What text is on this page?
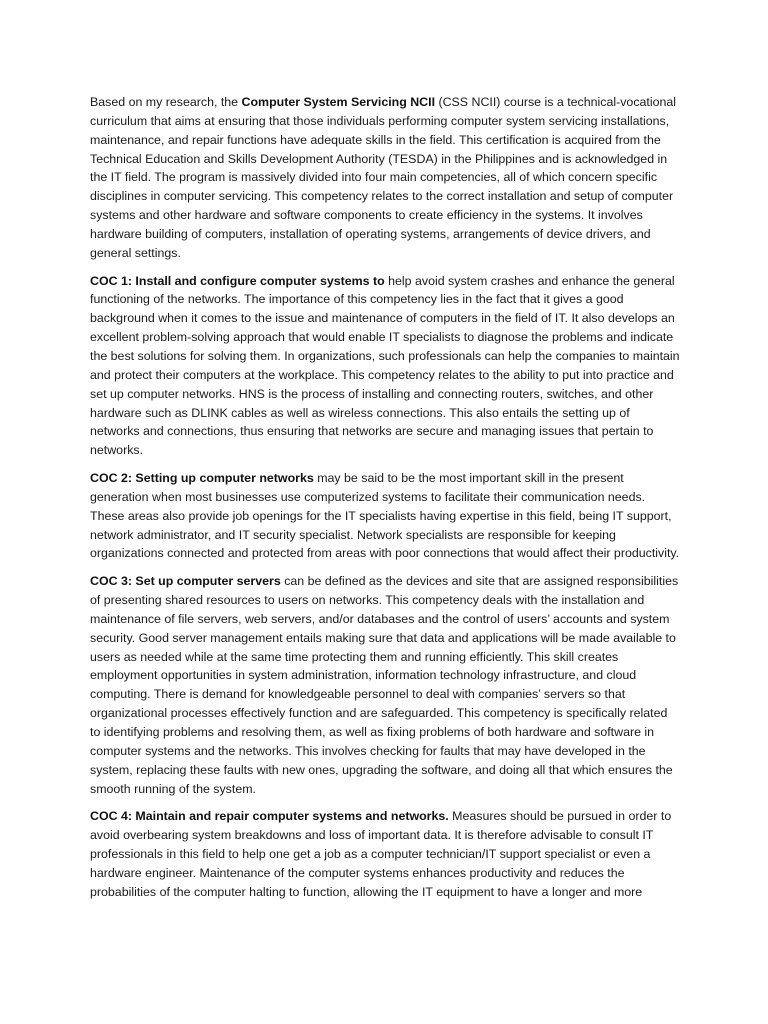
Based on my research, the Computer System Servicing NCII (CSS NCII) course is a technical-vocational curriculum that aims at ensuring that those individuals performing computer system servicing installations, maintenance, and repair functions have adequate skills in the field. This certification is acquired from the Technical Education and Skills Development Authority (TESDA) in the Philippines and is acknowledged in the IT field. The program is massively divided into four main competencies, all of which concern specific disciplines in computer servicing. This competency relates to the correct installation and setup of computer systems and other hardware and software components to create efficiency in the systems. It involves hardware building of computers, installation of operating systems, arrangements of device drivers, and general settings.

COC 1: Install and configure computer systems to help avoid system crashes and enhance the general functioning of the networks. The importance of this competency lies in the fact that it gives a good background when it comes to the issue and maintenance of computers in the field of IT. It also develops an excellent problem-solving approach that would enable IT specialists to diagnose the problems and indicate the best solutions for solving them. In organizations, such professionals can help the companies to maintain and protect their computers at the workplace. This competency relates to the ability to put into practice and set up computer networks. HNS is the process of installing and connecting routers, switches, and other hardware such as DLINK cables as well as wireless connections. This also entails the setting up of networks and connections, thus ensuring that networks are secure and managing issues that pertain to networks.

COC 2: Setting up computer networks may be said to be the most important skill in the present generation when most businesses use computerized systems to facilitate their communication needs. These areas also provide job openings for the IT specialists having expertise in this field, being IT support, network administrator, and IT security specialist. Network specialists are responsible for keeping organizations connected and protected from areas with poor connections that would affect their productivity.

COC 3: Set up computer servers can be defined as the devices and site that are assigned responsibilities of presenting shared resources to users on networks. This competency deals with the installation and maintenance of file servers, web servers, and/or databases and the control of users’ accounts and system security. Good server management entails making sure that data and applications will be made available to users as needed while at the same time protecting them and running efficiently. This skill creates employment opportunities in system administration, information technology infrastructure, and cloud computing. There is demand for knowledgeable personnel to deal with companies’ servers so that organizational processes effectively function and are safeguarded. This competency is specifically related to identifying problems and resolving them, as well as fixing problems of both hardware and software in computer systems and the networks. This involves checking for faults that may have developed in the system, replacing these faults with new ones, upgrading the software, and doing all that which ensures the smooth running of the system.

COC 4: Maintain and repair computer systems and networks. Measures should be pursued in order to avoid overbearing system breakdowns and loss of important data. It is therefore advisable to consult IT professionals in this field to help one get a job as a computer technician/IT support specialist or even a hardware engineer. Maintenance of the computer systems enhances productivity and reduces the probabilities of the computer halting to function, allowing the IT equipment to have a longer and more
